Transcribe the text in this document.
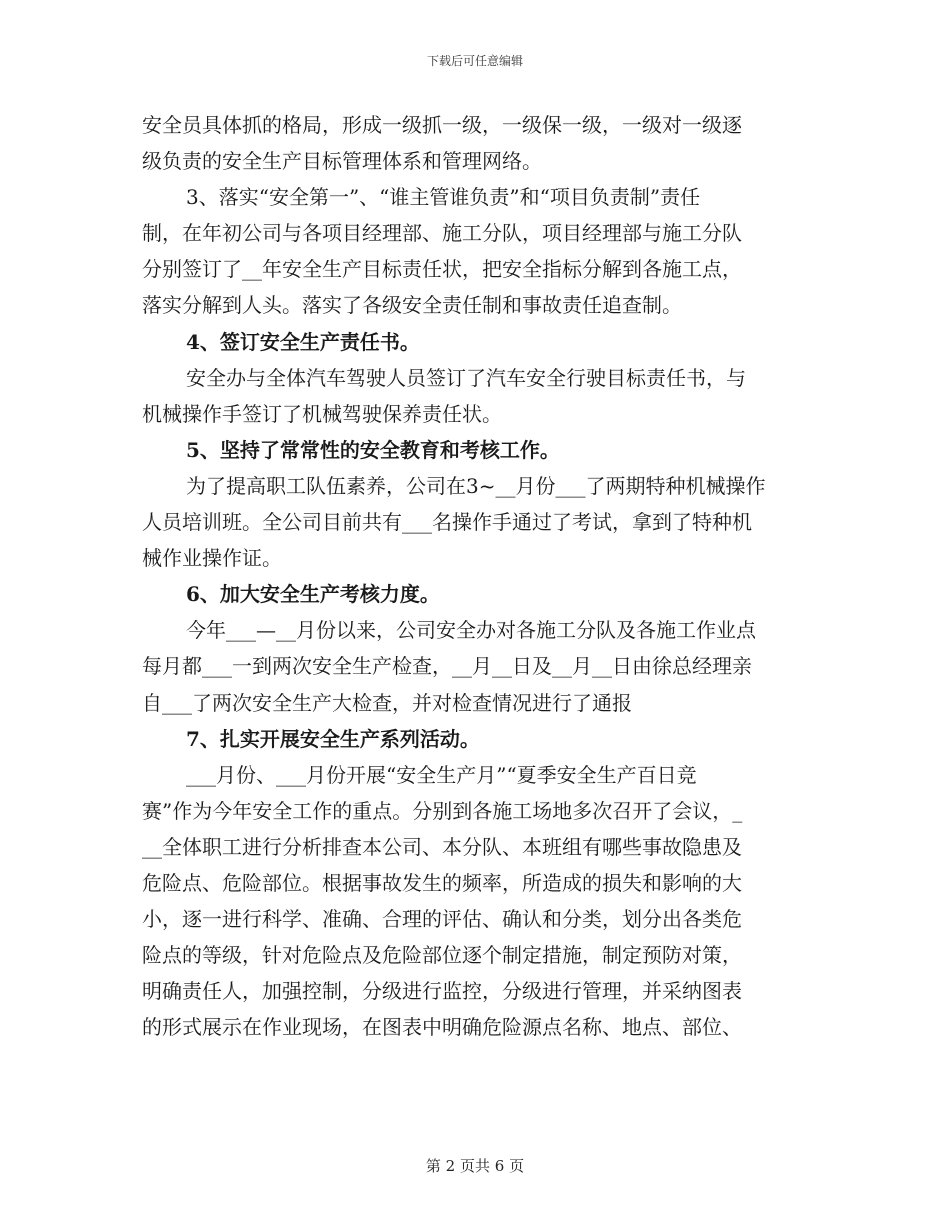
下载后可任意编辑
安全员具体抓的格局，形成一级抓一级，一级保一级，一级对一级逐
级负责的安全生产目标管理体系和管理网络。
3、落实“安全第一”、“谁主管谁负责”和“项目负责制”责任
制，在年初公司与各项目经理部、施工分队，项目经理部与施工分队
分别签订了__年安全生产目标责任状，把安全指标分解到各施工点，
落实分解到人头。落实了各级安全责任制和事故责任追查制。
4、签订安全生产责任书。
安全办与全体汽车驾驶人员签订了汽车安全行驶目标责任书，与
机械操作手签订了机械驾驶保养责任状。
5、坚持了常常性的安全教育和考核工作。
为了提高职工队伍素养，公司在3~__月份___了两期特种机械操作
人员培训班。全公司目前共有___名操作手通过了考试，拿到了特种机
械作业操作证。
6、加大安全生产考核力度。
今年___—__月份以来，公司安全办对各施工分队及各施工作业点
每月都___一到两次安全生产检查，__月__日及__月__日由徐总经理亲
自___了两次安全生产大检查，并对检查情况进行了通报
7、扎实开展安全生产系列活动。
___月份、___月份开展“安全生产月”“夏季安全生产百日竞
赛”作为今年安全工作的重点。分别到各施工场地多次召开了会议，_
__全体职工进行分析排查本公司、本分队、本班组有哪些事故隐患及
危险点、危险部位。根据事故发生的频率，所造成的损失和影响的大
小，逐一进行科学、准确、合理的评估、确认和分类，划分出各类危
险点的等级，针对危险点及危险部位逐个制定措施，制定预防对策，
明确责任人，加强控制，分级进行监控，分级进行管理，并采纳图表
的形式展示在作业现场，在图表中明确危险源点名称、地点、部位、
第 2 页共 6 页
